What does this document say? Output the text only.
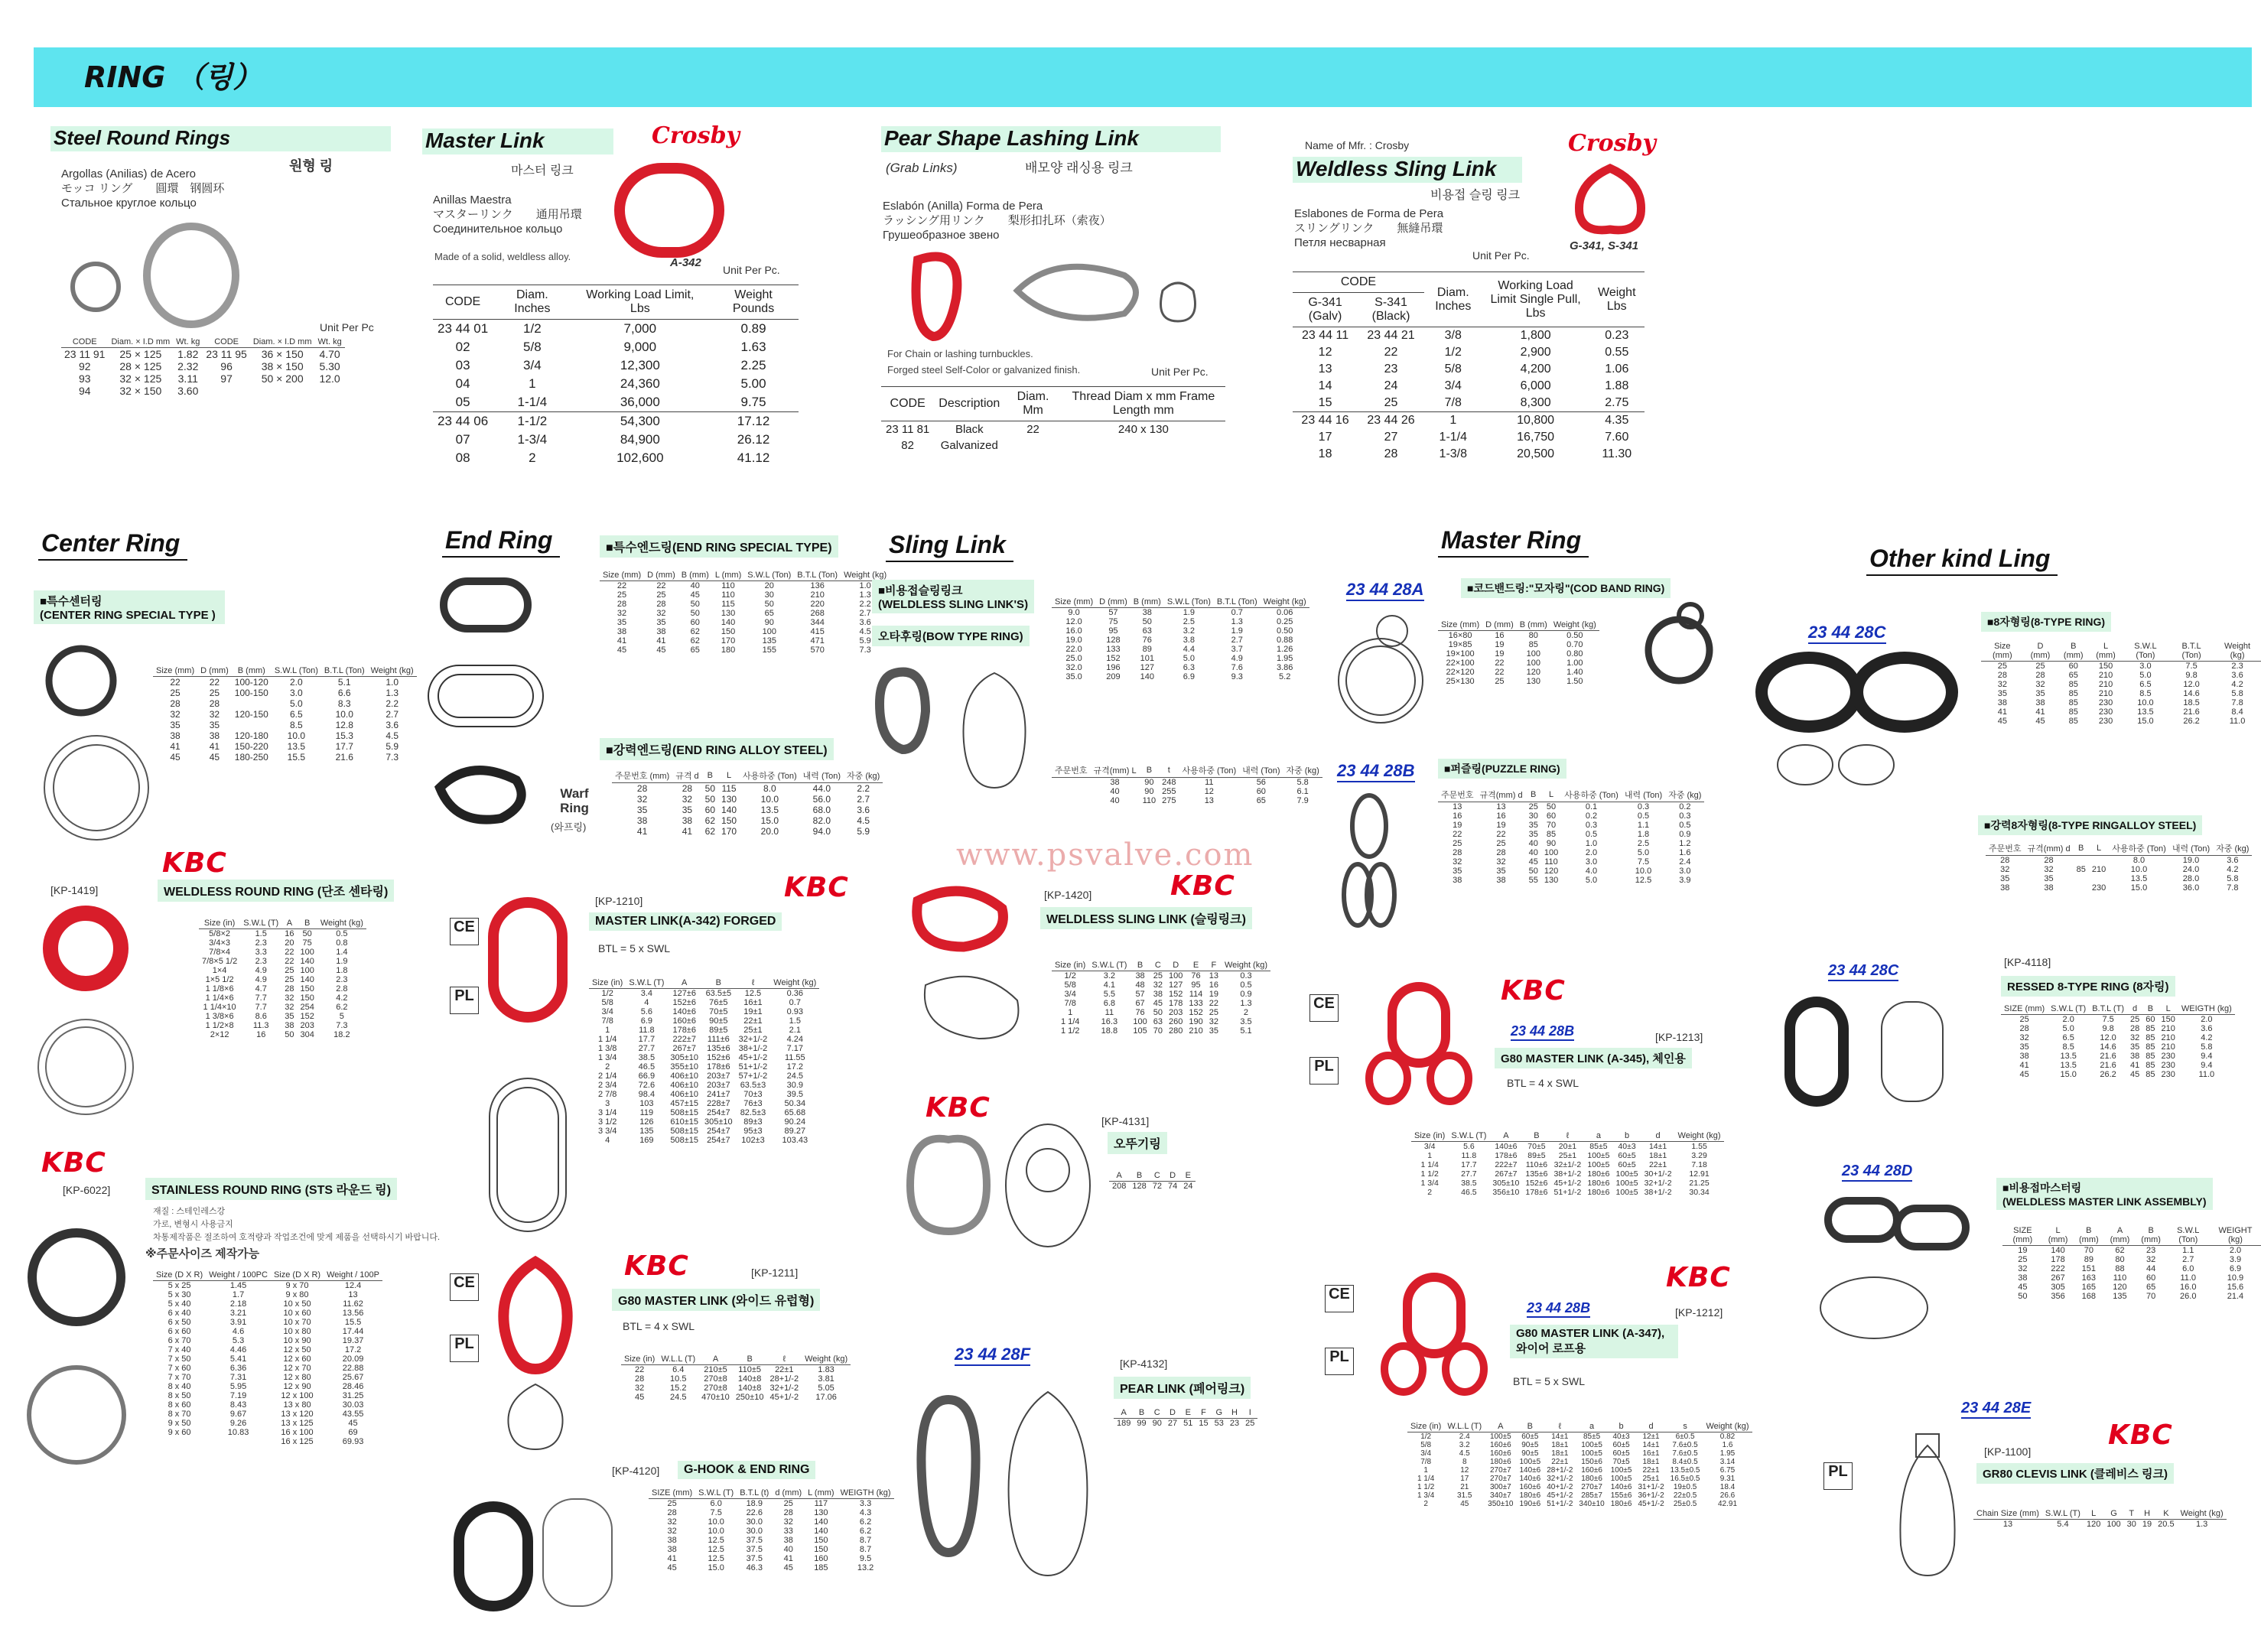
RING （링）
www.psvalve.com
Steel Round Rings
원형 링
Argollas (Anilias) de Acero
モッコ リング　　圓環　钢圆环
Стальное круглое кольцо
Unit Per Pc
CODE	Diam. × I.D mm	Wt. kg	CODE	Diam. × I.D mm	Wt. kg
23 11 91	25 × 125	1.82	23 11 95	36 × 150	4.70
92	28 × 125	2.32	96	38 × 150	5.30
93	32 × 125	3.11	97	50 × 200	12.0
94	32 × 150	3.60			
Master Link
마스터 링크
Crosby
A-342
Unit Per Pc.
Anillas Maestra
マスターリンク　　通用吊環
Соединительное кольцо
Made of a solid, weldless alloy.
CODE	Diam. Inches	Working Load Limit, Lbs	Weight Pounds
23 44 01	1/2	7,000	0.89
02	5/8	9,000	1.63
03	3/4	12,300	2.25
04	1	24,360	5.00
05	1-1/4	36,000	9.75
23 44 06	1-1/2	54,300	17.12
07	1-3/4	84,900	26.12
08	2	102,600	41.12
Pear Shape Lashing Link
(Grab Links)	배모양 래싱용 링크
Eslabón (Anilla) Forma de Pera
ラッシング用リンク　　梨形扣扎环（索夜）
Грушеобразное звено
For Chain or lashing turnbuckles.
Forged steel Self-Color or galvanized finish.	Unit Per Pc.
CODE	Description	Diam. Mm	Thread Diam x mm Frame Length mm
23 11 81	Black	22	240 x 130
82	Galvanized		
Name of Mfr. : Crosby
Weldless Sling Link
비용접 슬링 링크
Crosby
G-341, S-341
Eslabones de Forma de Pera
スリングリンク　　無縫吊環
Петля несварная
Unit Per Pc.
CODE		Diam. Inches	Working Load Limit Single Pull, Lbs	Weight Lbs
G-341 (Galv)	S-341 (Black)			
23 44 11	23 44 21	3/8	1,800	0.23
12	22	1/2	2,900	0.55
13	23	5/8	4,200	1.06
14	24	3/4	6,000	1.88
15	25	7/8	8,300	2.75
23 44 16	23 44 26	1	10,800	4.35
17	27	1-1/4	16,750	7.60
18	28	1-3/8	20,500	11.30
Center Ring
■특수센터링
(CENTER RING SPECIAL TYPE )
Size (mm)	D (mm)	B (mm)	S.W.L (Ton)	B.T.L (Ton)	Weight (kg)
22	22	100-120	2.0	5.1	1.0
25	25	100-150	3.0	6.6	1.3
28	28		5.0	8.3	2.2
32	32	120-150	6.5	10.0	2.7
35	35		8.5	12.8	3.6
38	38	120-180	10.0	15.3	4.5
41	41	150-220	13.5	17.7	5.9
45	45	180-250	15.5	21.6	7.3
KBC
[KP-1419]	WELDLESS ROUND RING (단조 센타링)
Size (in)	S.W.L (T)	A	B	Weight (kg)
5/8×2	1.5	16	50	0.5
3/4×3	2.3	20	75	0.8
7/8×4	3.3	22	100	1.4
7/8×5 1/2	2.3	22	140	1.9
1×4	4.9	25	100	1.8
1×5 1/2	4.9	25	140	2.3
1 1/8×6	4.7	28	150	2.8
1 1/4×6	7.7	32	150	4.2
1 1/4×10	7.7	32	254	6.2
1 3/8×6	8.6	35	152	5
1 1/2×8	11.3	38	203	7.3
2×12	16	50	304	18.2
KBC
[KP-6022]	STAINLESS ROUND RING (STS 라운드 링)
재질 : 스테인레스강
가로, 변형시 사용금지
차통제작품은 절조하여 호적량과 작업조건에 맞게 제품을 선택하시기 바랍니다.
※주문사이즈 제작가능
Size (D X R)	Weight / 100PC	Size (D X R)	Weight / 100P
5 x 25	1.45	9 x 70	12.4
5 x 30	1.7	9 x 80	13
5 x 40	2.18	10 x 50	11.62
6 x 40	3.21	10 x 60	13.56
6 x 50	3.91	10 x 70	15.5
6 x 60	4.6	10 x 80	17.44
6 x 70	5.3	10 x 90	19.37
7 x 40	4.46	12 x 50	17.2
7 x 50	5.41	12 x 60	20.09
7 x 60	6.36	12 x 70	22.88
7 x 70	7.31	12 x 80	25.67
8 x 40	5.95	12 x 90	28.46
8 x 50	7.19	12 x 100	31.25
8 x 60	8.43	13 x 80	30.03
8 x 70	9.67	13 x 120	43.55
9 x 50	9.26	13 x 125	45
9 x 60	10.83	16 x 100	69
		16 x 125	69.93
End Ring
Warf Ring
(와프링)
■특수엔드링(END RING SPECIAL TYPE)
Size (mm)	D (mm)	B (mm)	L (mm)	S.W.L (Ton)	B.T.L (Ton)	Weight (kg)
22	22	40	110	20	136	1.0
25	25	45	110	30	210	1.3
28	28	50	115	50	220	2.2
32	32	50	130	65	268	2.7
35	35	60	140	90	344	3.6
38	38	62	150	100	415	4.5
41	41	62	170	135	471	5.9
45	45	65	180	155	570	7.3
■강력엔드링(END RING ALLOY STEEL)
주문번호 (mm)	규격 d	B	L	사용하중 (Ton)	내력 (Ton)	자중 (kg)
28	28	50	115	8.0	44.0	2.2
32	32	50	130	10.0	56.0	2.7
35	35	60	140	13.5	68.0	3.6
38	38	62	150	15.0	82.0	4.5
41	41	62	170	20.0	94.0	5.9
KBC
[KP-1210]
MASTER LINK(A-342) FORGED
BTL = 5 x SWL
CE
PL
Size (in)	S.W.L (T)	A	B	ℓ	Weight (kg)
1/2	3.4	127±6	63.5±5	12.5	0.36
5/8	4	152±6	76±5	16±1	0.7
3/4	5.6	140±6	70±5	19±1	0.93
7/8	6.9	160±6	90±5	22±1	1.5
1	11.8	178±6	89±5	25±1	2.1
1 1/4	17.7	222±7	111±6	32+1/-2	4.24
1 3/8	27.7	267±7	135±6	38+1/-2	7.17
1 3/4	38.5	305±10	152±6	45+1/-2	11.55
2	46.5	355±10	178±6	51+1/-2	17.2
2 1/4	66.9	406±10	203±7	57+1/-2	24.5
2 3/4	72.6	406±10	203±7	63.5±3	30.9
2 7/8	98.4	406±10	241±7	70±3	39.5
3	103	457±15	228±7	76±3	50.34
3 1/4	119	508±15	254±7	82.5±3	65.68
3 1/2	126	610±15	305±10	89±3	90.24
3 3/4	135	508±15	254±7	95±3	89.27
4	169	508±15	254±7	102±3	103.43
KBC	[KP-1211]
G80 MASTER LINK (와이드 유럽형)
BTL = 4 x SWL
CE
PL
Size (in)	W.L.L (T)	A	B	ℓ	Weight (kg)
22	6.4	210±5	110±5	22±1	1.83
28	10.5	270±8	140±8	28+1/-2	3.81
32	15.2	270±8	140±8	32+1/-2	5.05
45	24.5	470±10	250±10	45+1/-2	17.06
[KP-4120]	G-HOOK & END RING
SIZE (mm)	S.W.L (T)	B.T.L (t)	d (mm)	L (mm)	WEIGTH (kg)
25	6.0	18.9	25	117	3.3
28	7.5	22.6	28	130	4.3
32	10.0	30.0	32	140	6.2
32	10.0	30.0	33	140	6.2
38	12.5	37.5	38	150	8.7
38	12.5	37.5	40	150	8.7
41	12.5	37.5	41	160	9.5
45	15.0	46.3	45	185	13.2
Sling Link
■비용접슬링링크
(WELDLESS SLING LINK'S)
오타후링(BOW TYPE RING)
Size (mm)	D (mm)	B (mm)	S.W.L (Ton)	B.T.L (Ton)	Weight (kg)
9.0	57	38	1.9	0.7	0.06
12.0	75	50	2.5	1.3	0.25
16.0	95	63	3.2	1.9	0.50
19.0	128	76	3.8	2.7	0.88
22.0	133	89	4.4	3.7	1.26
25.0	152	101	5.0	4.9	1.95
32.0	196	127	6.3	7.6	3.86
35.0	209	140	6.9	9.3	5.2
주문번호	규격(mm) L	B	t	사용하중 (Ton)	내력 (Ton)	자중 (kg)
	38	90	248	11	56	5.8
	40	90	255	12	60	6.1
	40	110	275	13	65	7.9
KBC
[KP-1420]
WELDLESS SLING LINK (슬링링크)
Size (in)	S.W.L (T)	B	C	D	E	F	Weight (kg)
1/2	3.2	38	25	100	76	13	0.3
5/8	4.1	48	32	127	95	16	0.5
3/4	5.5	57	38	152	114	19	0.9
7/8	6.8	67	45	178	133	22	1.3
1	11	76	50	203	152	25	2
1 1/4	16.3	100	63	260	190	32	3.5
1 1/2	18.8	105	70	280	210	35	5.1
KBC	[KP-4131]
오뚜기링
A	B	C	D	E
208	128	72	74	24
23 44 28F	[KP-4132]
PEAR LINK (페어링크)
A	B	C	D	E	F	G	H	I
189	99	90	27	51	15	53	23	25
Master Ring
23 44 28A	■코드밴드링:"모자링"(COD BAND RING)
Size (mm)	D (mm)	B (mm)	Weight (kg)
16×80	16	80	0.50
19×85	19	85	0.70
19×100	19	100	0.80
22×100	22	100	1.00
22×120	22	120	1.40
25×130	25	130	1.50
23 44 28B	■퍼즐링(PUZZLE RING)
주문번호	규격(mm) d	B	L	사용하중 (Ton)	내력 (Ton)	자중 (kg)
13	13	25	50	0.1	0.3	0.2
16	16	30	60	0.2	0.5	0.3
19	19	35	70	0.3	1.1	0.5
22	22	35	85	0.5	1.8	0.9
25	25	40	90	1.0	2.5	1.2
28	28	40	100	2.0	5.0	1.6
32	32	45	110	3.0	7.5	2.4
35	35	50	120	4.0	10.0	3.0
38	38	55	130	5.0	12.5	3.9
KBC
23 44 28B	[KP-1213]
G80 MASTER LINK (A-345), 체인용
BTL = 4 x SWL
CE
PL
Size (in)	S.W.L (T)	A	B	ℓ	a	b	d	Weight (kg)
3/4	5.6	140±6	70±5	20±1	85±5	40±3	14±1	1.55
1	11.8	178±6	89±5	25±1	100±5	60±5	18±1	3.29
1 1/4	17.7	222±7	110±6	32±1/-2	100±5	60±5	22±1	7.18
1 1/2	27.7	267±7	135±6	38+1/-2	180±6	100±5	30+1/-2	12.91
1 3/4	38.5	305±10	152±6	45+1/-2	180±6	100±5	32+1/-2	21.25
2	46.5	356±10	178±6	51+1/-2	180±6	100±5	38+1/-2	30.34
KBC
23 44 28B	[KP-1212]
G80 MASTER LINK (A-347), 와이어 로프용
BTL = 5 x SWL
CE
PL
Size (in)	W.L.L (T)	A	B	ℓ	a	b	d	s	Weight (kg)
1/2	2.4	100±5	60±5	14±1	85±5	40±3	12±1	6±0.5	0.82
5/8	3.2	160±6	90±5	18±1	100±5	60±5	14±1	7.6±0.5	1.6
3/4	4.5	160±6	90±5	18±1	100±5	60±5	16±1	7.6±0.5	1.95
7/8	8	180±6	100±5	22±1	150±6	70±5	18±1	8.4±0.5	3.14
1	12	270±7	140±6	28+1/-2	160±6	100±5	22±1	13.5±0.5	6.75
1 1/4	17	270±7	140±6	32+1/-2	180±6	100±5	25±1	16.5±0.5	9.31
1 1/2	21	300±7	160±6	40+1/-2	270±7	140±6	31+1/-2	19±0.5	18.4
1 3/4	31.5	340±7	180±6	45+1/-2	285±7	155±6	36+1/-2	22±0.5	26.6
2	45	350±10	190±6	51+1/-2	340±10	180±6	45+1/-2	25±0.5	42.91
Other kind Ling
23 44 28C
■8자형링(8-TYPE RING)
Size (mm)	D (mm)	B (mm)	L (mm)	S.W.L (Ton)	B.T.L (Ton)	Weight (kg)
25	25	60	150	3.0	7.5	2.3
28	28	65	210	5.0	9.8	3.6
32	32	85	210	6.5	12.0	4.2
35	35	85	210	8.5	14.6	5.8
38	38	85	230	10.0	18.5	7.8
41	41	85	230	13.5	21.6	8.4
45	45	85	230	15.0	26.2	11.0
■강력8자형링(8-TYPE RINGALLOY STEEL)
주문번호	규격(mm) d	B	L	사용하중 (Ton)	내력 (Ton)	자중 (kg)
28	28			8.0	19.0	3.6
32	32	85	210	10.0	24.0	4.2
35	35			13.5	28.0	5.8
38	38		230	15.0	36.0	7.8
23 44 28C	[KP-4118]
RESSED 8-TYPE RING (8자링)
SIZE (mm)	S.W.L (T)	B.T.L (T)	d	B	L	WEIGTH (kg)
25	2.0	7.5	25	60	150	2.0
28	5.0	9.8	28	85	210	3.6
32	6.5	12.0	32	85	210	4.2
35	8.5	14.6	35	85	210	5.8
38	13.5	21.6	38	85	230	9.4
41	13.5	21.6	41	85	230	9.4
45	15.0	26.2	45	85	230	11.0
23 44 28D
■비용접마스터링
(WELDLESS MASTER LINK ASSEMBLY)
SIZE (mm)	L (mm)	B (mm)	A (mm)	B (mm)	S.W.L (Ton)	WEIGHT (kg)
19	140	70	62	23	1.1	2.0
25	178	89	80	32	2.7	3.9
32	222	151	88	44	6.0	6.9
38	267	163	110	60	11.0	10.9
45	305	165	120	65	16.0	15.6
50	356	168	135	70	26.0	21.4
23 44 28E
KBC
[KP-1100]
GR80 CLEVIS LINK (클레비스 링크)
PL
Chain Size (mm)	S.W.L (T)	L	G	T	H	K	Weight (kg)
13	5.4	120	100	30	19	20.5	1.3
